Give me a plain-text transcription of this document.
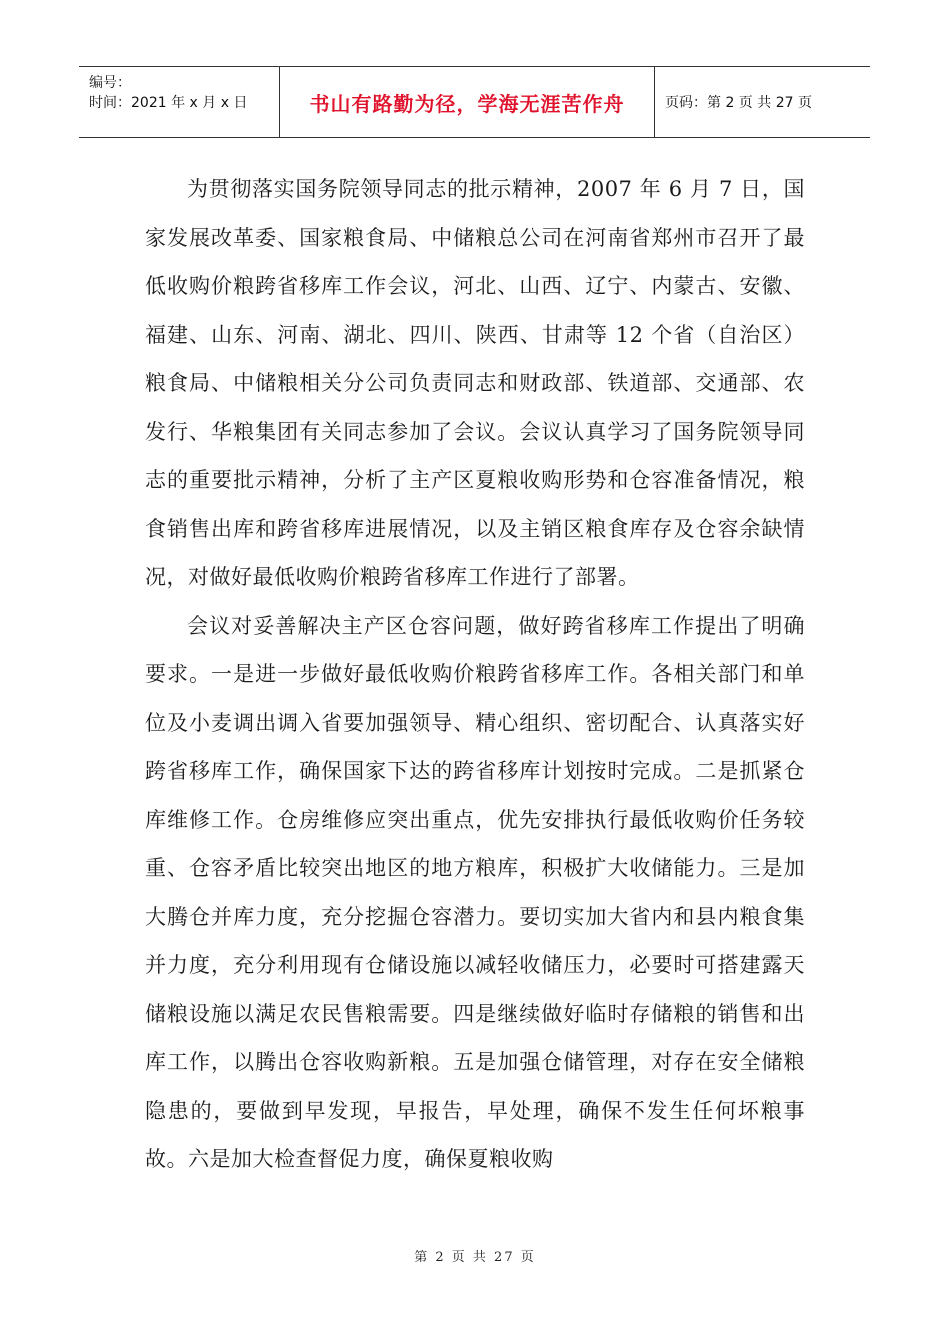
编号：
时间：2021 年 x 月 x 日	书山有路勤为径，学海无涯苦作舟	页码：第 2 页 共 27 页

为贯彻落实国务院领导同志的批示精神，2007 年 6 月 7 日，国家发展改革委、国家粮食局、中储粮总公司在河南省郑州市召开了最低收购价粮跨省移库工作会议，河北、山西、辽宁、内蒙古、安徽、福建、山东、河南、湖北、四川、陕西、甘肃等 12 个省（自治区）粮食局、中储粮相关分公司负责同志和财政部、铁道部、交通部、农发行、华粮集团有关同志参加了会议。会议认真学习了国务院领导同志的重要批示精神，分析了主产区夏粮收购形势和仓容准备情况，粮食销售出库和跨省移库进展情况，以及主销区粮食库存及仓容余缺情况，对做好最低收购价粮跨省移库工作进行了部署。

会议对妥善解决主产区仓容问题，做好跨省移库工作提出了明确要求。一是进一步做好最低收购价粮跨省移库工作。各相关部门和单位及小麦调出调入省要加强领导、精心组织、密切配合、认真落实好跨省移库工作，确保国家下达的跨省移库计划按时完成。二是抓紧仓库维修工作。仓房维修应突出重点，优先安排执行最低收购价任务较重、仓容矛盾比较突出地区的地方粮库，积极扩大收储能力。三是加大腾仓并库力度，充分挖掘仓容潜力。要切实加大省内和县内粮食集并力度，充分利用现有仓储设施以减轻收储压力，必要时可搭建露天储粮设施以满足农民售粮需要。四是继续做好临时存储粮的销售和出库工作，以腾出仓容收购新粮。五是加强仓储管理，对存在安全储粮隐患的，要做到早发现，早报告，早处理，确保不发生任何坏粮事故。六是加大检查督促力度，确保夏粮收购

第 2 页 共 27 页
